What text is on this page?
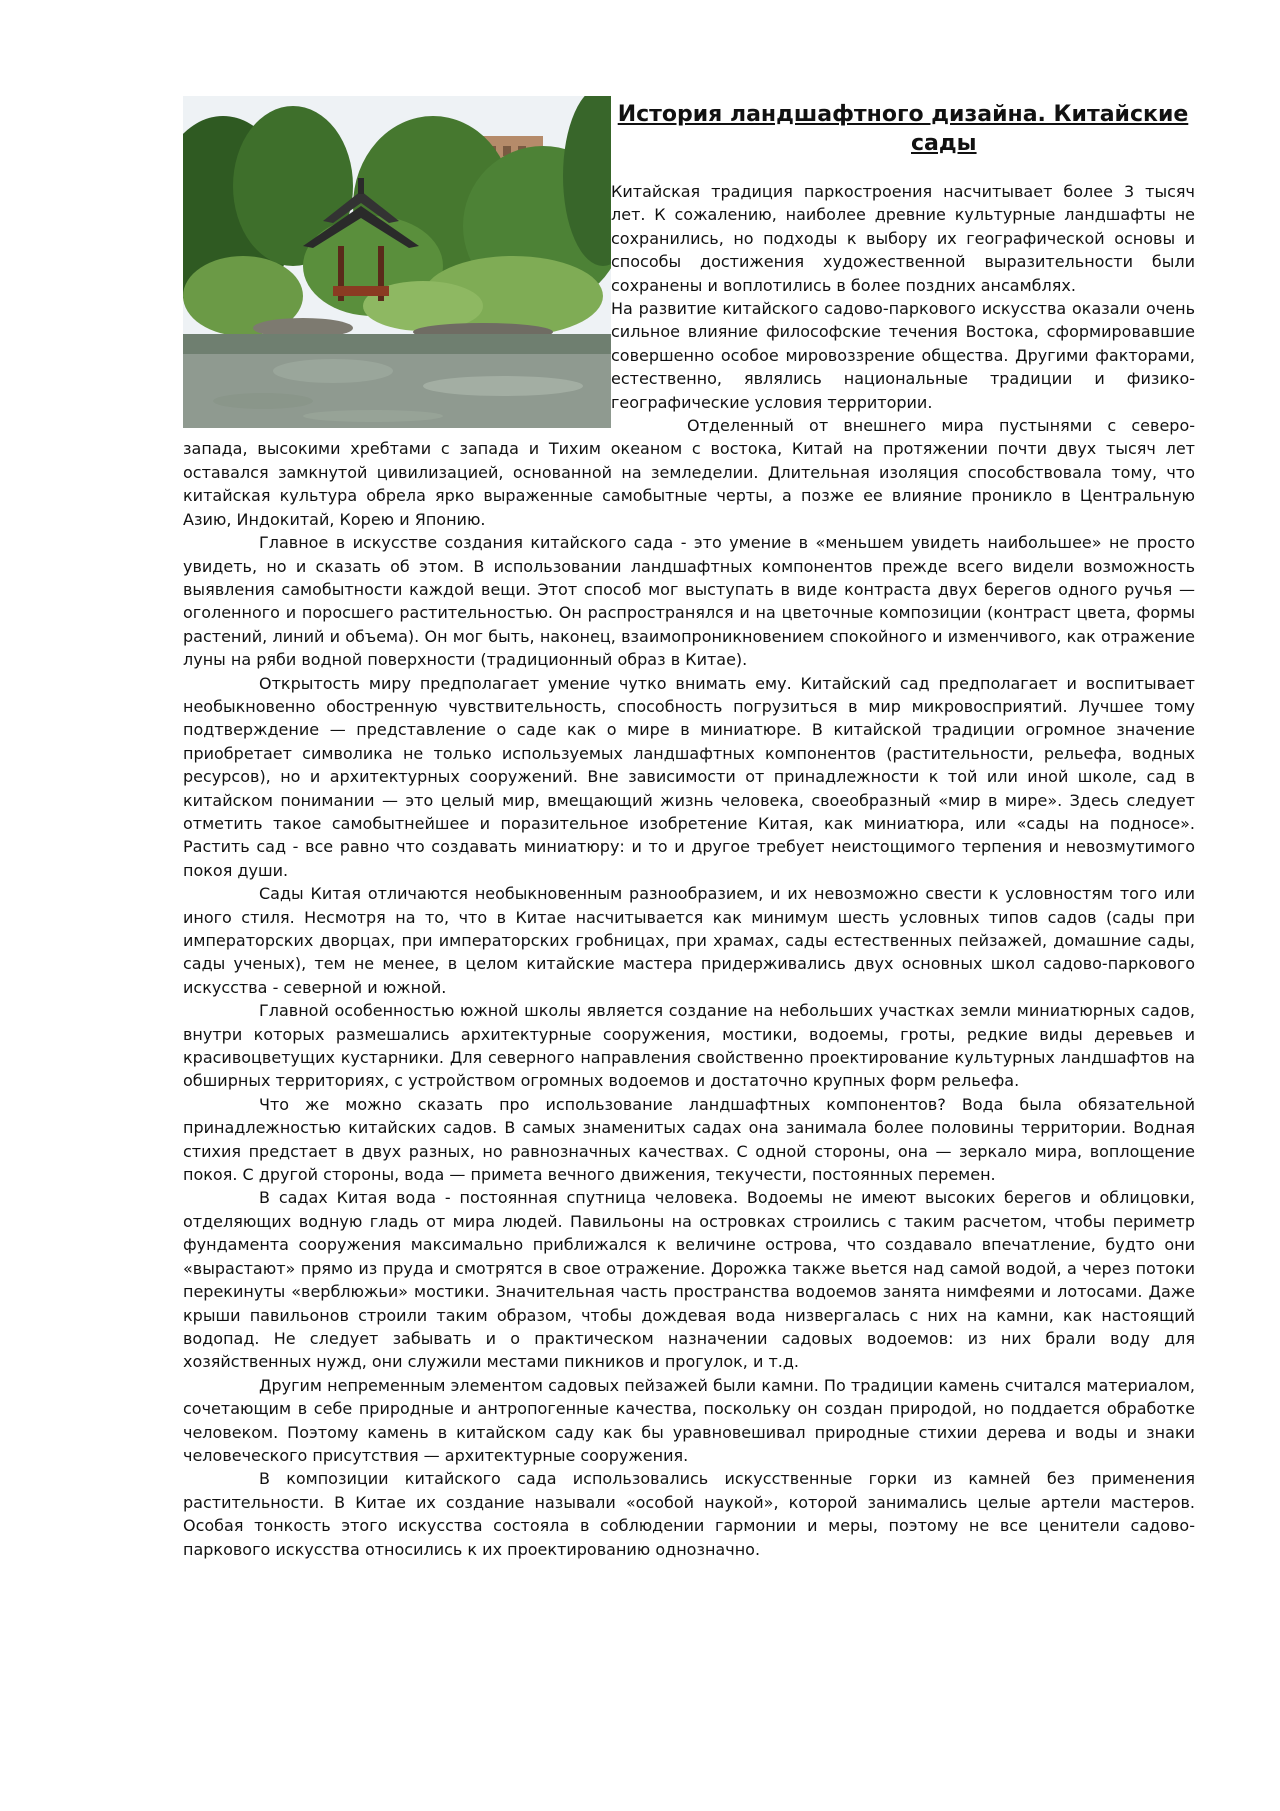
История ландшафтного дизайна. Китайские
сады

Китайская традиция паркостроения насчитывает более 3 тысяч лет. К сожалению, наиболее древние культурные ландшафты не сохранились, но подходы к выбору их географической основы и способы достижения художественной выразительности были сохранены и воплотились в более поздних ансамблях.

На развитие китайского садово-паркового искусства оказали очень сильное влияние философские течения Востока, сформировавшие совершенно особое мировоззрение общества. Другими факторами, естественно, являлись национальные традиции и физико-географические условия территории.

Отделенный от внешнего мира пустынями с северо-запада, высокими хребтами с запада и Тихим океаном с востока, Китай на протяжении почти двух тысяч лет оставался замкнутой цивилизацией, основанной на земледелии. Длительная изоляция способствовала тому, что китайская культура обрела ярко выраженные самобытные черты, а позже ее влияние проникло в Центральную Азию, Индокитай, Корею и Японию.

Главное в искусстве создания китайского сада - это умение в «меньшем увидеть наибольшее» не просто увидеть, но и сказать об этом. В использовании ландшафтных компонентов прежде всего видели возможность выявления самобытности каждой вещи. Этот способ мог выступать в виде контраста двух берегов одного ручья — оголенного и поросшего растительностью. Он распространялся и на цветочные композиции (контраст цвета, формы растений, линий и объема). Он мог быть, наконец, взаимопроникновением спокойного и изменчивого, как отражение луны на ряби водной поверхности (традиционный образ в Китае).

Открытость миру предполагает умение чутко внимать ему. Китайский сад предполагает и воспитывает необыкновенно обостренную чувствительность, способность погрузиться в мир микровосприятий. Лучшее тому подтверждение — представление о саде как о мире в миниатюре. В китайской традиции огромное значение приобретает символика не только используемых ландшафтных компонентов (растительности, рельефа, водных ресурсов), но и архитектурных сооружений. Вне зависимости от принадлежности к той или иной школе, сад в китайском понимании — это целый мир, вмещающий жизнь человека, своеобразный «мир в мире». Здесь следует отметить такое самобытнейшее и поразительное изобретение Китая, как миниатюра, или «сады на подносе». Растить сад - все равно что создавать миниатюру: и то и другое требует неистощимого терпения и невозмутимого покоя души.

Сады Китая отличаются необыкновенным разнообразием, и их невозможно свести к условностям того или иного стиля. Несмотря на то, что в Китае насчитывается как минимум шесть условных типов садов (сады при императорских дворцах, при императорских гробницах, при храмах, сады естественных пейзажей, домашние сады, сады ученых), тем не менее, в целом китайские мастера придерживались двух основных школ садово-паркового искусства - северной и южной.

Главной особенностью южной школы является создание на небольших участках земли миниатюрных садов, внутри которых размешались архитектурные сооружения, мостики, водоемы, гроты, редкие виды деревьев и красивоцветущих кустарники. Для северного направления свойственно проектирование культурных ландшафтов на обширных территориях, с устройством огромных водоемов и достаточно крупных форм рельефа.

Что же можно сказать про использование ландшафтных компонентов? Вода была обязательной принадлежностью китайских садов. В самых знаменитых садах она занимала более половины территории. Водная стихия предстает в двух разных, но равнозначных качествах. С одной стороны, она — зеркало мира, воплощение покоя. С другой стороны, вода — примета вечного движения, текучести, постоянных перемен.

В садах Китая вода - постоянная спутница человека. Водоемы не имеют высоких берегов и облицовки, отделяющих водную гладь от мира людей. Павильоны на островках строились с таким расчетом, чтобы периметр фундамента сооружения максимально приближался к величине острова, что создавало впечатление, будто они «вырастают» прямо из пруда и смотрятся в свое отражение. Дорожка также вьется над самой водой, а через потоки перекинуты «верблюжьи» мостики. Значительная часть пространства водоемов занята нимфеями и лотосами. Даже крыши павильонов строили таким образом, чтобы дождевая вода низвергалась с них на камни, как настоящий водопад. Не следует забывать и о практическом назначении садовых водоемов: из них брали воду для хозяйственных нужд, они служили местами пикников и прогулок, и т.д.

Другим непременным элементом садовых пейзажей были камни. По традиции камень считался материалом, сочетающим в себе природные и антропогенные качества, поскольку он создан природой, но поддается обработке человеком. Поэтому камень в китайском саду как бы уравновешивал природные стихии дерева и воды и знаки человеческого присутствия — архитектурные сооружения.

В композиции китайского сада использовались искусственные горки из камней без применения растительности. В Китае их создание называли «особой наукой», которой занимались целые артели мастеров. Особая тонкость этого искусства состояла в соблюдении гармонии и меры, поэтому не все ценители садово-паркового искусства относились к их проектированию однозначно.
